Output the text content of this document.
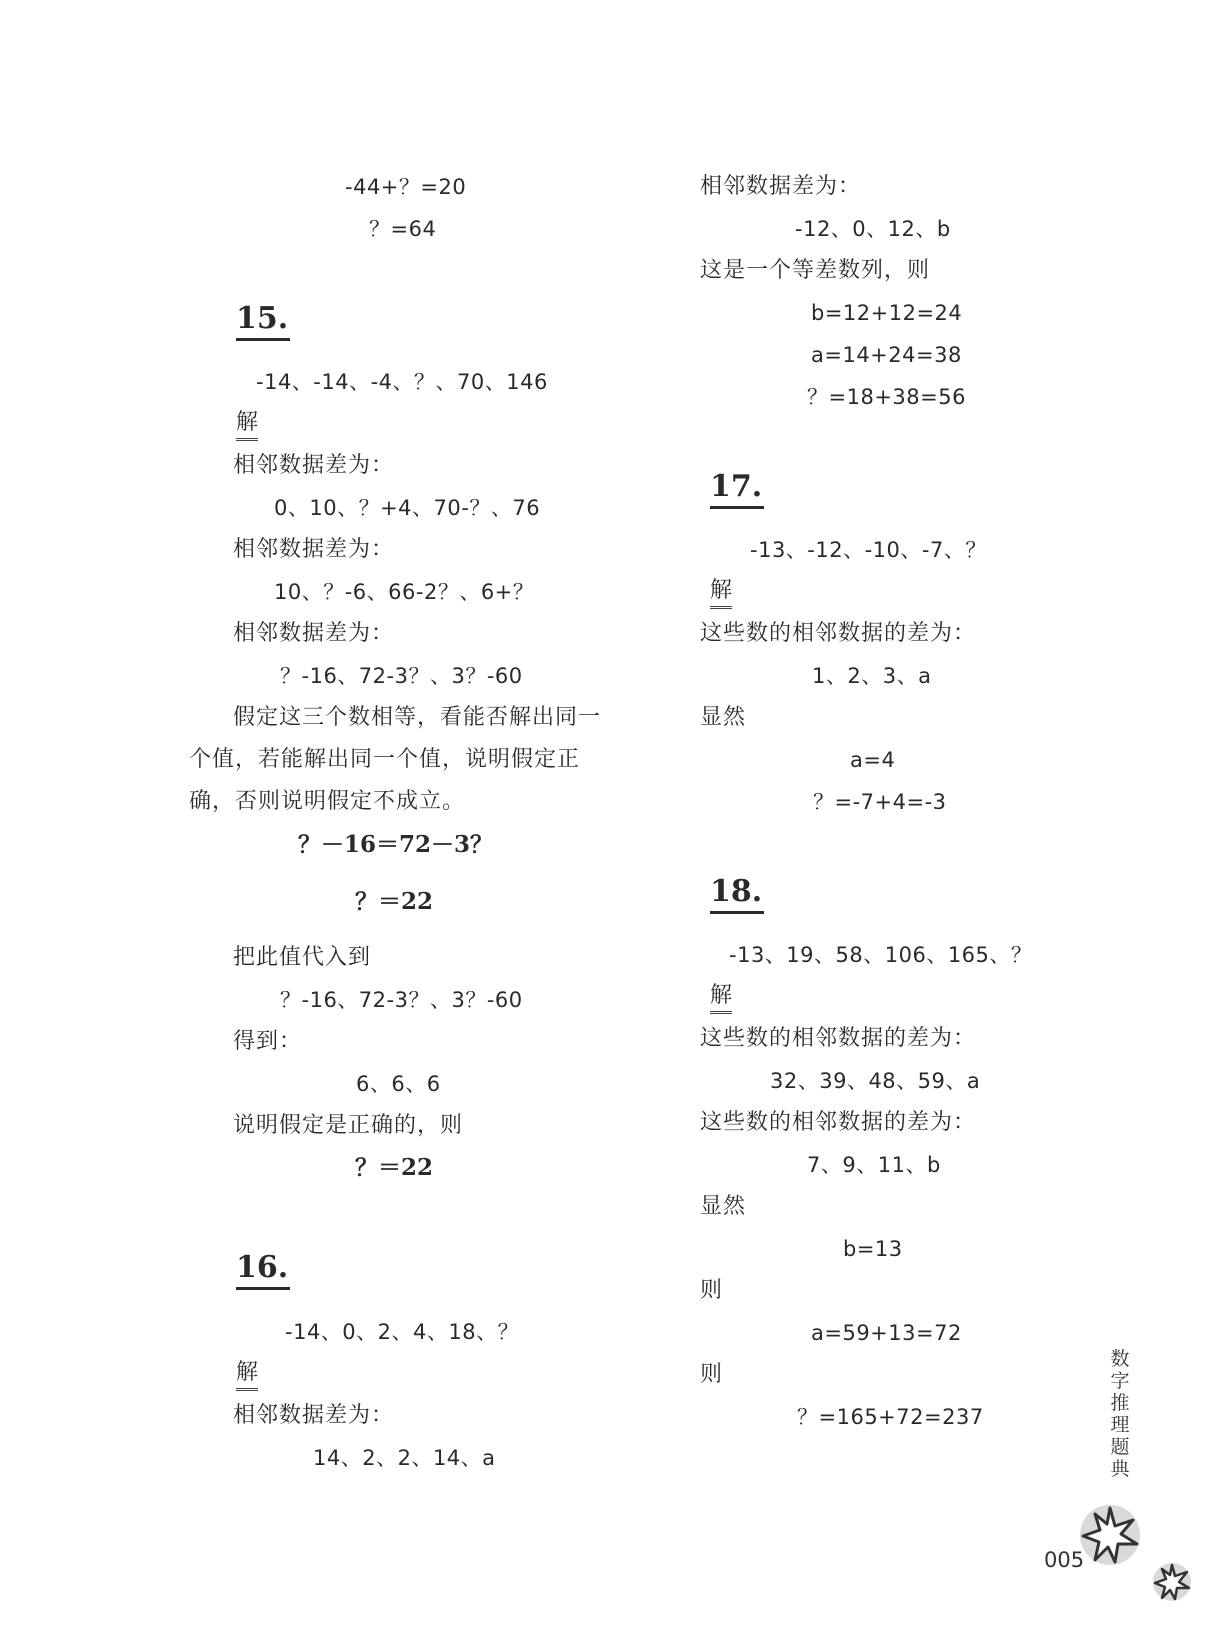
-44+？=20
？=64
15.
-14、-14、-4、？、70、146
解
相邻数据差为：
0、10、？+4、70-？、76
相邻数据差为：
10、？-6、66-2？、6+？
相邻数据差为：
？-16、72-3？、3？-60
假定这三个数相等，看能否解出同一
个值，若能解出同一个值，说明假定正
确，否则说明假定不成立。
？－16＝72－3？
？＝22
把此值代入到
？-16、72-3？、3？-60
得到：
6、6、6
说明假定是正确的，则
？＝22
16.
-14、0、2、4、18、？
解
相邻数据差为：
14、2、2、14、a
相邻数据差为：
-12、0、12、b
这是一个等差数列，则
b=12+12=24
a=14+24=38
？=18+38=56
17.
-13、-12、-10、-7、？
解
这些数的相邻数据的差为：
1、2、3、a
显然
a=4
？=-7+4=-3
18.
-13、19、58、106、165、？
解
这些数的相邻数据的差为：
32、39、48、59、a
这些数的相邻数据的差为：
7、9、11、b
显然
b=13
则
a=59+13=72
则
？=165+72=237
数
字
推
理
题
典
005
